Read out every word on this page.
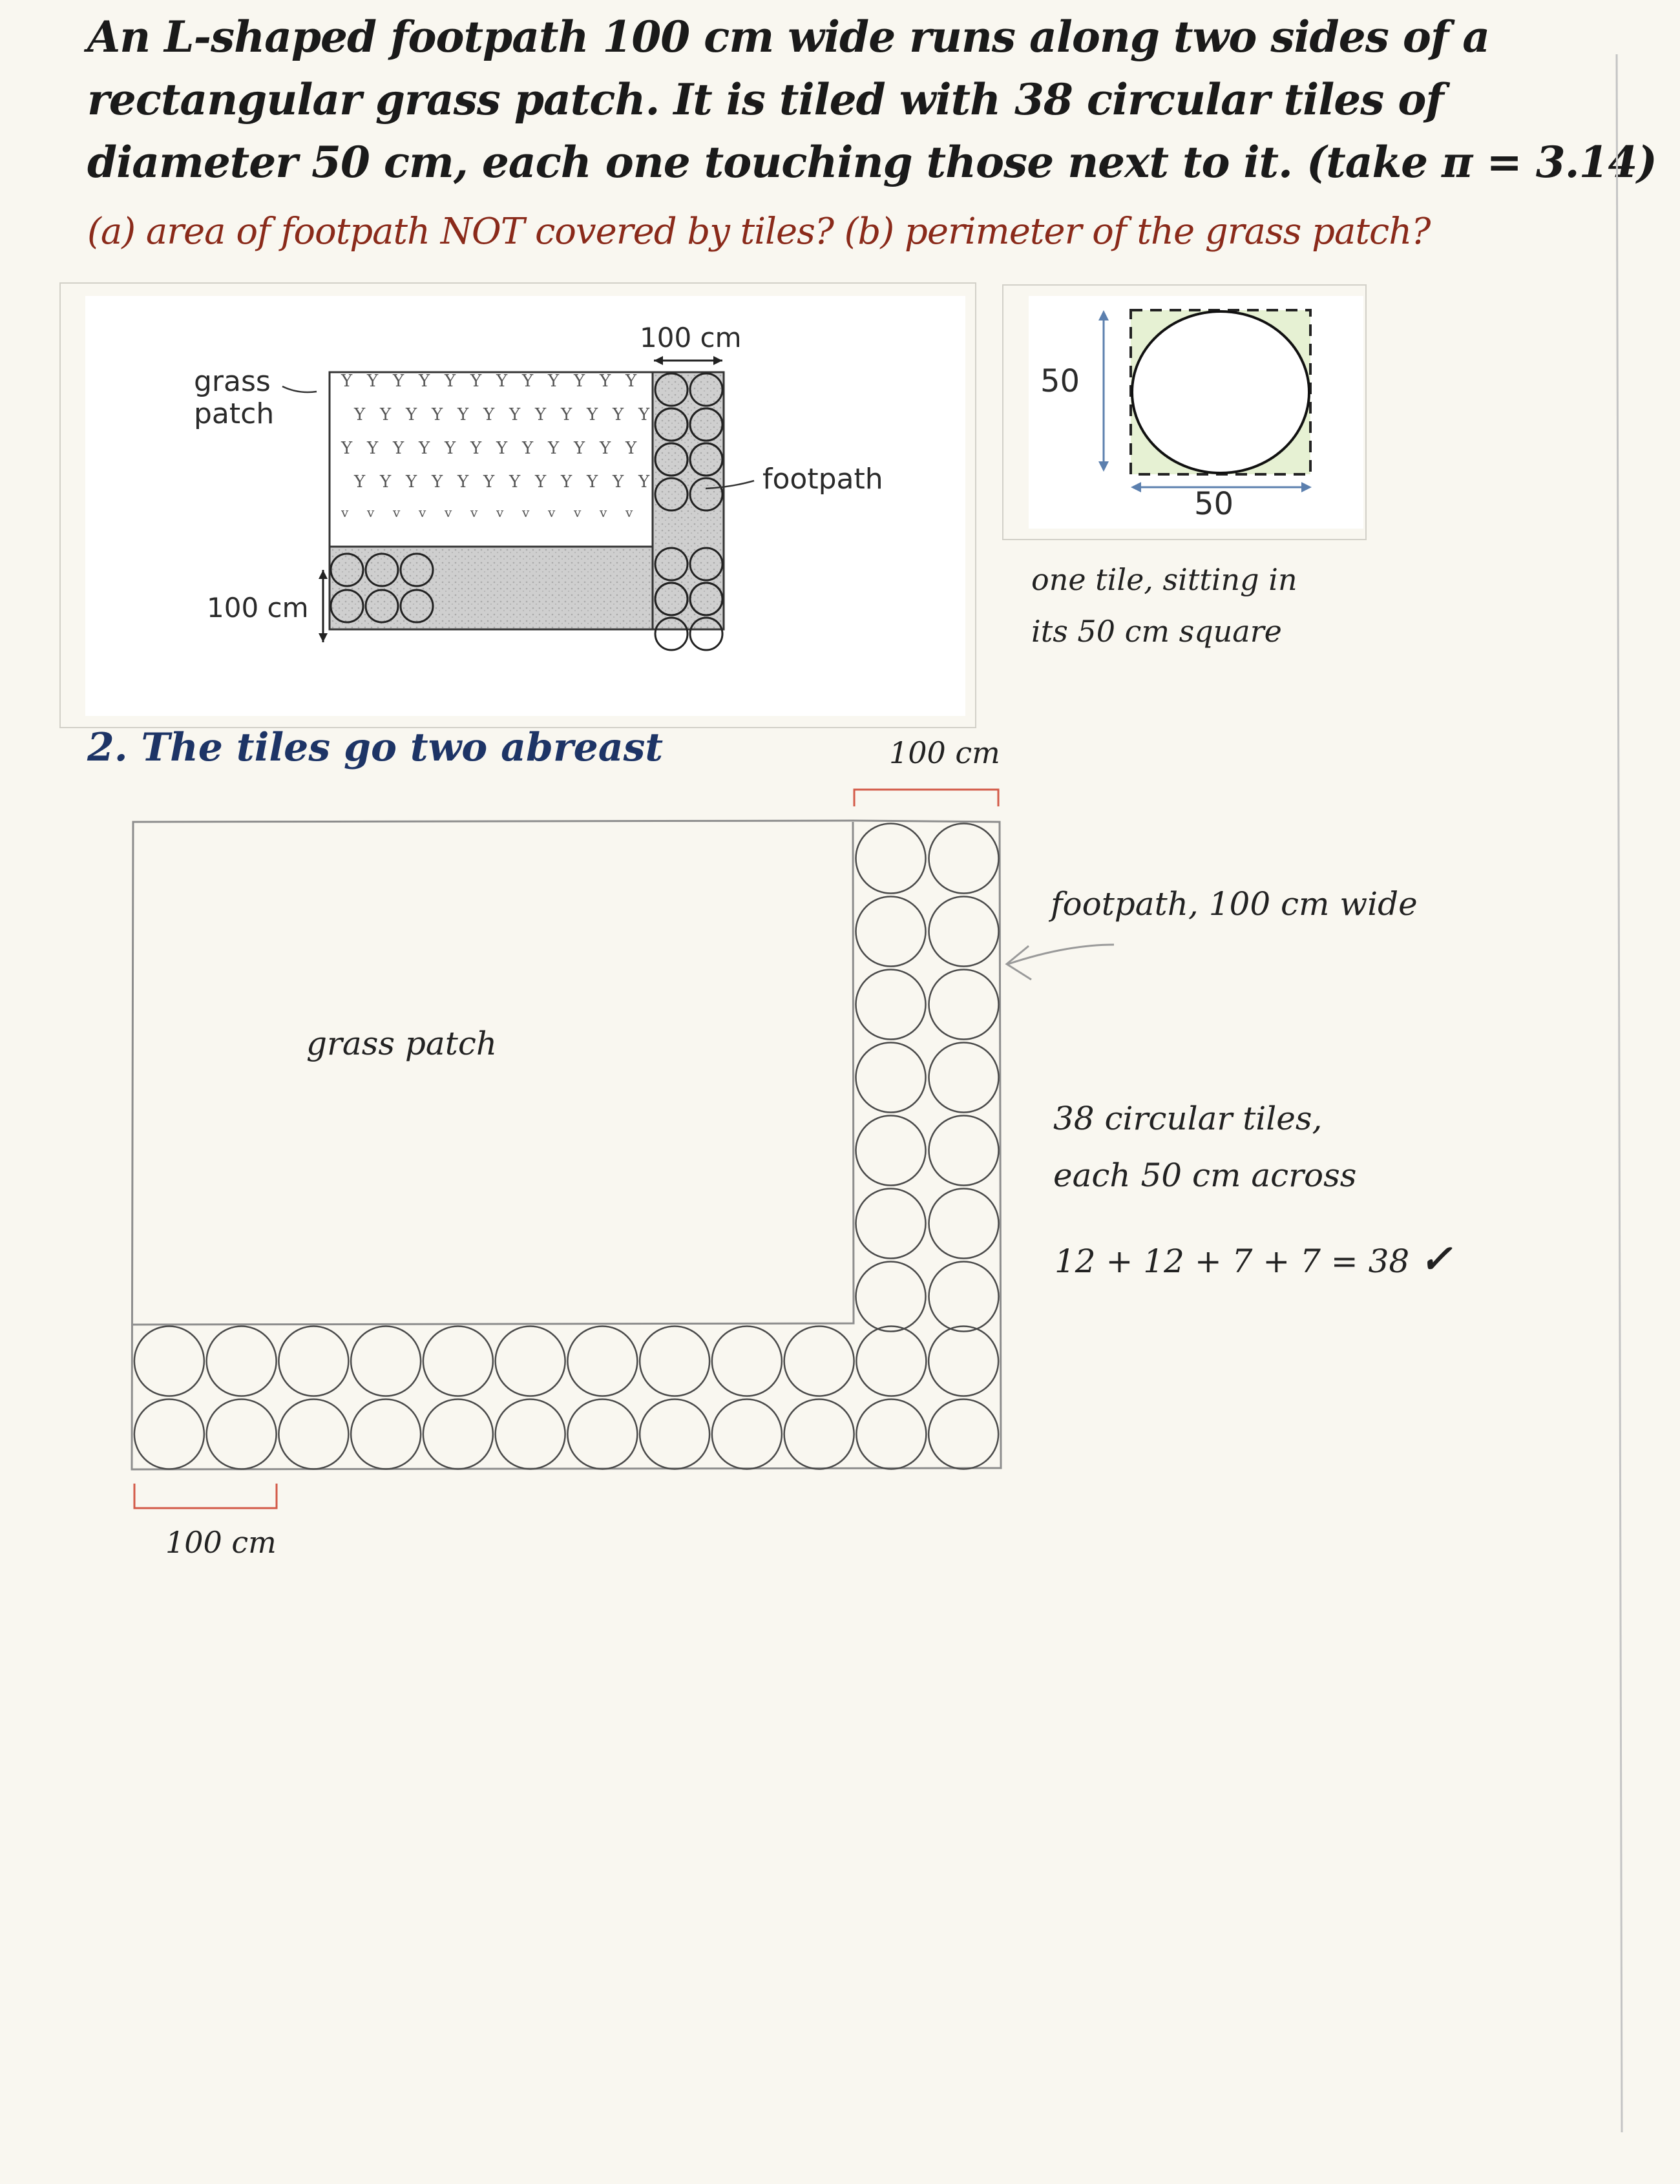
An L-shaped footpath 100 cm wide runs along two sides of a
rectangular grass patch. It is tiled with 38 circular tiles of
diameter 50 cm, each one touching those next to it. (take π = 3.14)
(a) area of footpath NOT covered by tiles? (b) perimeter of the grass patch?
Y Y Y Y Y Y Y Y Y Y Y Y
Y Y Y Y Y Y Y Y Y Y Y Y
Y Y Y Y Y Y Y Y Y Y Y Y
Y Y Y Y Y Y Y Y Y Y Y Y
v v v v v v v v v v v v
grass
patch
100 cm
100 cm
footpath
50
50
one tile, sitting in
its 50 cm square
2. The tiles go two abreast	100 cm
100 cm
grass patch
footpath, 100 cm wide
38 circular tiles,
each 50 cm across
12 + 12 + 7 + 7 = 38 ✓
